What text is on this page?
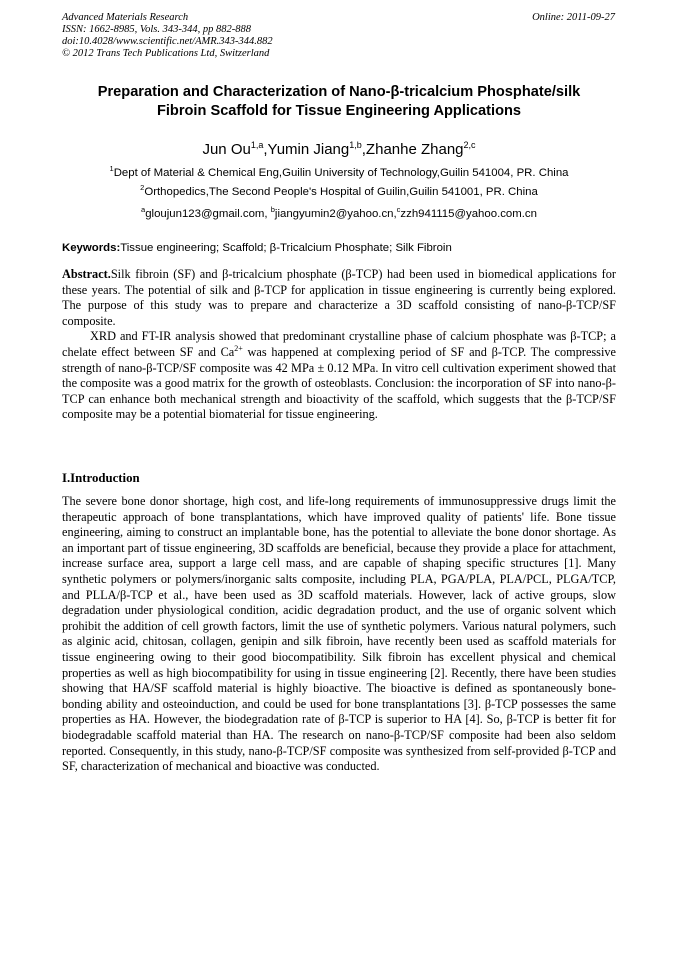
Advanced Materials Research
ISSN: 1662-8985, Vols. 343-344, pp 882-888
doi:10.4028/www.scientific.net/AMR.343-344.882
© 2012 Trans Tech Publications Ltd, Switzerland
Online: 2011-09-27
Preparation and Characterization of Nano-β-tricalcium Phosphate/silk
Fibroin Scaffold for Tissue Engineering Applications
Jun Ou$^{1,a}$,Yumin Jiang$^{1,b}$,Zhanhe Zhang$^{2,c}$
$^1$Dept of Material & Chemical Eng,Guilin University of Technology,Guilin 541004, PR. China
$^2$Orthopedics,The Second People's Hospital of Guilin,Guilin 541001, PR. China
$^a$gloujun123@gmail.com, $^b$jiangyumin2@yahoo.cn,$^c$zzh941115@yahoo.com.cn
Keywords:Tissue engineering; Scaffold; β-Tricalcium Phosphate; Silk Fibroin

Abstract.Silk fibroin (SF) and β-tricalcium phosphate (β-TCP) had been used in biomedical applications for these years. The potential of silk and β-TCP for application in tissue engineering is currently being explored. The purpose of this study was to prepare and characterize a 3D scaffold consisting of nano-β-TCP/SF composite.

XRD and FT-IR analysis showed that predominant crystalline phase of calcium phosphate was β-TCP; a chelate effect between SF and $Ca^{2+}$ was happened at complexing period of SF and β-TCP. The compressive strength of nano-β-TCP/SF composite was 42 MPa ± 0.12 MPa. In vitro cell cultivation experiment showed that the composite was a good matrix for the growth of osteoblasts. Conclusion: the incorporation of SF into nano-β-TCP can enhance both mechanical strength and bioactivity of the scaffold, which suggests that the β-TCP/SF composite may be a potential biomaterial for tissue engineering.

I.Introduction

The severe bone donor shortage, high cost, and life-long requirements of immunosuppressive drugs limit the therapeutic approach of bone transplantations, which have improved quality of patients' life. Bone tissue engineering, aiming to construct an implantable bone, has the potential to alleviate the bone donor shortage. As an important part of tissue engineering, 3D scaffolds are beneficial, because they provide a place for attachment, increase surface area, support a large cell mass, and are capable of shaping specific structures [1]. Many synthetic polymers or polymers/inorganic salts composite, including PLA, PGA/PLA, PLA/PCL, PLGA/TCP, and PLLA/β-TCP et al., have been used as 3D scaffold materials. However, lack of active groups, slow degradation under physiological condition, acidic degradation product, and the use of organic solvent which prohibit the addition of cell growth factors, limit the use of synthetic polymers. Various natural polymers, such as alginic acid, chitosan, collagen, genipin and silk fibroin, have recently been used as scaffold materials for tissue engineering owing to their good biocompatibility. Silk fibroin has excellent physical and chemical properties as well as high biocompatibility for using in tissue engineering [2]. Recently, there have been studies showing that HA/SF scaffold material is highly bioactive. The bioactive is defined as spontaneously bone-bonding ability and osteoinduction, and could be used for bone transplantations [3]. β-TCP possesses the same properties as HA. However, the biodegradation rate of β-TCP is superior to HA [4]. So, β-TCP is better fit for biodegradable scaffold material than HA. The research on nano-β-TCP/SF composite had been also seldom reported. Consequently, in this study, nano-β-TCP/SF composite was synthesized from self-provided β-TCP and SF, characterization of mechanical and bioactive was conducted.
